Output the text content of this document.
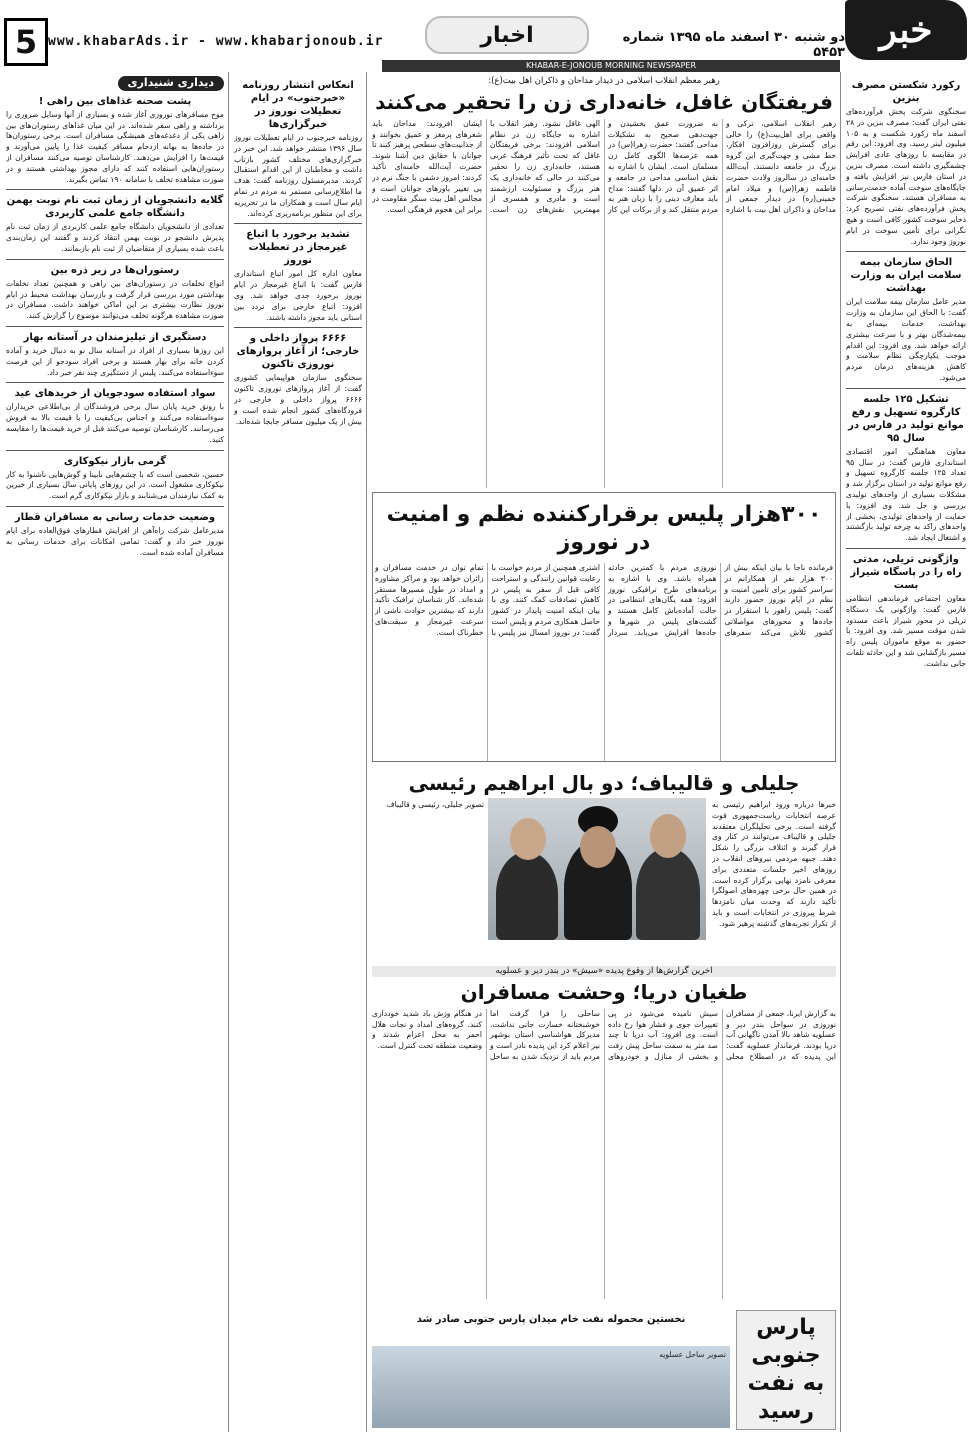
5 www.khabarAds.ir - www.khabarjonoub.ir	اخبار	دو شنبه ۳۰ اسفند ماه ۱۳۹۵ شماره ۵۴۵۳
خبر
KHABAR-E-JONOUB MORNING NEWSPAPER
رکورد شکستن مصرف بنزین
سخنگوی شرکت پخش فرآورده‌های نفتی ایران گفت: مصرف بنزین در ۲۸ اسفند ماه رکورد شکست و به ۱۰۵ میلیون لیتر رسید. وی افزود: این رقم در مقایسه با روزهای عادی افزایش چشمگیری داشته است. مصرف بنزین در استان فارس نیز افزایش یافته و جایگاه‌های سوخت آماده خدمت‌رسانی به مسافران هستند. سخنگوی شرکت پخش فرآورده‌های نفتی تصریح کرد: ذخایر سوخت کشور کافی است و هیچ نگرانی برای تأمین سوخت در ایام نوروز وجود ندارد.
الحاق سازمان بیمه سلامت ایران به وزارت بهداشت
مدیر عامل سازمان بیمه سلامت ایران گفت: با الحاق این سازمان به وزارت بهداشت، خدمات بیمه‌ای به بیمه‌شدگان بهتر و با سرعت بیشتری ارائه خواهد شد. وی افزود: این اقدام موجب یکپارچگی نظام سلامت و کاهش هزینه‌های درمان مردم می‌شود.
تشکیل ۱۲۵ جلسه کارگروه تسهیل و رفع موانع تولید در فارس در سال ۹۵
معاون هماهنگی امور اقتصادی استانداری فارس گفت: در سال ۹۵ تعداد ۱۲۵ جلسه کارگروه تسهیل و رفع موانع تولید در استان برگزار شد و مشکلات بسیاری از واحدهای تولیدی بررسی و حل شد. وی افزود: با حمایت از واحدهای تولیدی، بخشی از واحدهای راکد به چرخه تولید بازگشتند و اشتغال ایجاد شد.
واژگونی تریلی، مدتی راه را در پاسگاه شیراز بست
معاون اجتماعی فرماندهی انتظامی فارس گفت: واژگونی یک دستگاه تریلی در محور شیراز باعث مسدود شدن موقت مسیر شد. وی افزود: با حضور به موقع ماموران پلیس راه مسیر بازگشایی شد و این حادثه تلفات جانی نداشت.
رهبر معظم انقلاب اسلامی در دیدار مداحان و ذاکران اهل بیت(ع):
فریفتگان غافل، خانه‌داری زن را تحقیر می‌کنند
رهبر انقلاب اسلامی، ترکی و واقعی برای اهل‌بیت(ع) را خالی برای گسترش روزافزون افکار، خط مشی و جهت‌گیری این گروه بزرگ در جامعه دانستند. آیت‌الله خامنه‌ای در سالروز ولادت حضرت فاطمه زهرا(س) و میلاد امام خمینی(ره) در دیدار جمعی از مداحان و ذاکران اهل بیت با اشاره به ضرورت عمق بخشیدن و جهت‌دهی صحیح به تشکیلات مداحی گفتند: حضرت زهرا(س) در همه عرصه‌ها الگوی کامل زن مسلمان است. ایشان با اشاره به نقش اساسی مداحی در جامعه و اثر عمیق آن در دلها گفتند: مداح باید معارف دینی را با زبان هنر به مردم منتقل کند و از برکات این کار الهی غافل نشود. رهبر انقلاب با اشاره به جایگاه زن در نظام اسلامی افزودند: برخی فریفتگان غافل که تحت تأثیر فرهنگ غربی هستند، خانه‌داری زن را تحقیر می‌کنند در حالی که خانه‌داری یک هنر بزرگ و مسئولیت ارزشمند است و مادری و همسری از مهمترین نقش‌های زن است. ایشان افزودند: مداحان باید شعرهای پرمغز و عمیق بخوانند و از جذابیت‌های سطحی پرهیز کنند تا جوانان با حقایق دین آشنا شوند. حضرت آیت‌الله خامنه‌ای تأکید کردند: امروز دشمن با جنگ نرم در پی تغییر باورهای جوانان است و مجالس اهل بیت سنگر مقاومت در برابر این هجوم فرهنگی است.
۳۰۰هزار پلیس برقرارکننده نظم و امنیت در نوروز
فرمانده ناجا با بیان اینکه بیش از ۳۰۰ هزار نفر از همکارانم در سراسر کشور برای تأمین امنیت و نظم در ایام نوروز حضور دارند گفت: پلیس راهور با استقرار در جاده‌ها و محورهای مواصلاتی کشور تلاش می‌کند سفرهای نوروزی مردم با کمترین حادثه همراه باشد. وی با اشاره به برنامه‌های طرح ترافیکی نوروز افزود: همه یگان‌های انتظامی در حالت آماده‌باش کامل هستند و گشت‌های پلیس در شهرها و جاده‌ها افزایش می‌یابد. سردار اشتری همچنین از مردم خواست با رعایت قوانین رانندگی و استراحت کافی قبل از سفر به پلیس در کاهش تصادفات کمک کنند. وی با بیان اینکه امنیت پایدار در کشور حاصل همکاری مردم و پلیس است گفت: در نوروز امسال نیز پلیس با تمام توان در خدمت مسافران و زائران خواهد بود و مراکز مشاوره و امداد در طول مسیرها مستقر شده‌اند. کار شناسان ترافیک تأکید دارند که بیشترین حوادث ناشی از سرعت غیرمجاز و سبقت‌های خطرناک است.
جلیلی و قالیباف؛ دو بال ابراهیم رئیسی
خبرها درباره ورود ابراهیم رئیسی به عرصه انتخابات ریاست‌جمهوری قوت گرفته است. برخی تحلیلگران معتقدند جلیلی و قالیباف می‌توانند در کنار وی قرار گیرند و ائتلاف بزرگی را شکل دهند. جبهه مردمی نیروهای انقلاب در روزهای اخیر جلسات متعددی برای معرفی نامزد نهایی برگزار کرده است. در همین حال برخی چهره‌های اصولگرا تأکید دارند که وحدت میان نامزدها شرط پیروزی در انتخابات است و باید از تکرار تجربه‌های گذشته پرهیز شود.
تصویر جلیلی، رئیسی و قالیباف
اخرین گزارش‌ها از وقوع پدیده «سیش» در بندر دیر و عسلویه
طغیان دریا؛ وحشت مسافران
به گزارش ایرنا، جمعی از مسافران نوروزی در سواحل بندر دیر و عسلویه شاهد بالا آمدن ناگهانی آب دریا بودند. فرماندار عسلویه گفت: این پدیده که در اصطلاح محلی سیش نامیده می‌شود در پی تغییرات جوی و فشار هوا رخ داده است. وی افزود: آب دریا تا چند صد متر به سمت ساحل پیش رفت و بخشی از منازل و خودروهای ساحلی را فرا گرفت اما خوشبختانه خسارت جانی نداشت. مدیرکل هواشناسی استان بوشهر نیز اعلام کرد این پدیده نادر است و مردم باید از نزدیک شدن به ساحل در هنگام وزش باد شدید خودداری کنند. گروه‌های امداد و نجات هلال احمر به محل اعزام شدند و وضعیت منطقه تحت کنترل است.
پارس
جنوبی
به نفت
رسید
نخستین محموله نفت خام میدان پارس جنوبی صادر شد
تصویر ساحل عسلویه
انعکاس انتشار روزنامه «خبرجنوب» در ایام تعطیلات نوروز در خبرگزاری‌ها
روزنامه خبرجنوب در ایام تعطیلات نوروز سال ۱۳۹۶ منتشر خواهد شد. این خبر در خبرگزاری‌های مختلف کشور بازتاب داشت و مخاطبان از این اقدام استقبال کردند. مدیرمسئول روزنامه گفت: هدف ما اطلاع‌رسانی مستمر به مردم در تمام ایام سال است و همکاران ما در تحریریه برای این منظور برنامه‌ریزی کرده‌اند.
تشدید برخورد با اتباع غیرمجاز در تعطیلات نوروز
معاون اداره کل امور اتباع استانداری فارس گفت: با اتباع غیرمجاز در ایام نوروز برخورد جدی خواهد شد. وی افزود: اتباع خارجی برای تردد بین استانی باید مجوز داشته باشند.
۶۶۶۶ پرواز داخلی و خارجی؛ از آغاز پروازهای نوروزی تاکنون
سخنگوی سازمان هواپیمایی کشوری گفت: از آغاز پروازهای نوروزی تاکنون ۶۶۶۶ پرواز داخلی و خارجی در فرودگاه‌های کشور انجام شده است و بیش از یک میلیون مسافر جابجا شده‌اند.
دیداری شنیداری
پشت صحنه غذاهای بین راهی !
موج مسافرهای نوروزی آغاز شده و بسیاری از آنها وسایل ضروری را برداشته و راهی سفر شده‌اند. در این میان غذاهای رستوران‌های بین راهی یکی از دغدغه‌های همیشگی مسافران است. برخی رستوران‌ها در جاده‌ها به بهانه ازدحام مسافر کیفیت غذا را پایین می‌آورند و قیمت‌ها را افزایش می‌دهند. کارشناسان توصیه می‌کنند مسافران از رستوران‌هایی استفاده کنند که دارای مجوز بهداشتی هستند و در صورت مشاهده تخلف با سامانه ۱۹۰ تماس بگیرند.
گلایه دانشجویان از زمان ثبت نام نوبت بهمن دانشگاه جامع علمی کاربردی
تعدادی از دانشجویان دانشگاه جامع علمی کاربردی از زمان ثبت نام پذیرش دانشجو در نوبت بهمن انتقاد کردند و گفتند این زمان‌بندی باعث شده بسیاری از متقاضیان از ثبت نام بازبمانند.
رستوران‌ها در زیر ذره بین
انواع تخلفات در رستوران‌های بین راهی و همچنین تعداد تخلفات بهداشتی مورد بررسی قرار گرفت و بازرسان بهداشت محیط در ایام نوروز نظارت بیشتری بر این اماکن خواهند داشت. مسافران در صورت مشاهده هرگونه تخلف می‌توانند موضوع را گزارش کنند.
دستگیری از تیلیزمندان در آستانه بهار
این روزها بسیاری از افراد در آستانه سال نو به دنبال خرید و آماده کردن خانه برای بهار هستند و برخی افراد سودجو از این فرصت سوءاستفاده می‌کنند. پلیس از دستگیری چند نفر خبر داد.
سواد استفاده سودجویان از خریدهای عید
با رونق خرید پایان سال برخی فروشندگان از بی‌اطلاعی خریداران سوءاستفاده می‌کنند و اجناس بی‌کیفیت را با قیمت بالا به فروش می‌رسانند. کارشناسان توصیه می‌کنند قبل از خرید قیمت‌ها را مقایسه کنید.
گرمی بازار نیکوکاری
حسین، شخصی است که با چشم‌هایی نابینا و گوش‌هایی ناشنوا به کار نیکوکاری مشغول است. در این روزهای پایانی سال بسیاری از خیرین به کمک نیازمندان می‌شتابند و بازار نیکوکاری گرم است.
وضعیت خدمات رسانی به مسافران قطار
مدیرعامل شرکت راه‌آهن از افزایش قطارهای فوق‌العاده برای ایام نوروز خبر داد و گفت: تمامی امکانات برای خدمات رسانی به مسافران آماده شده است.
